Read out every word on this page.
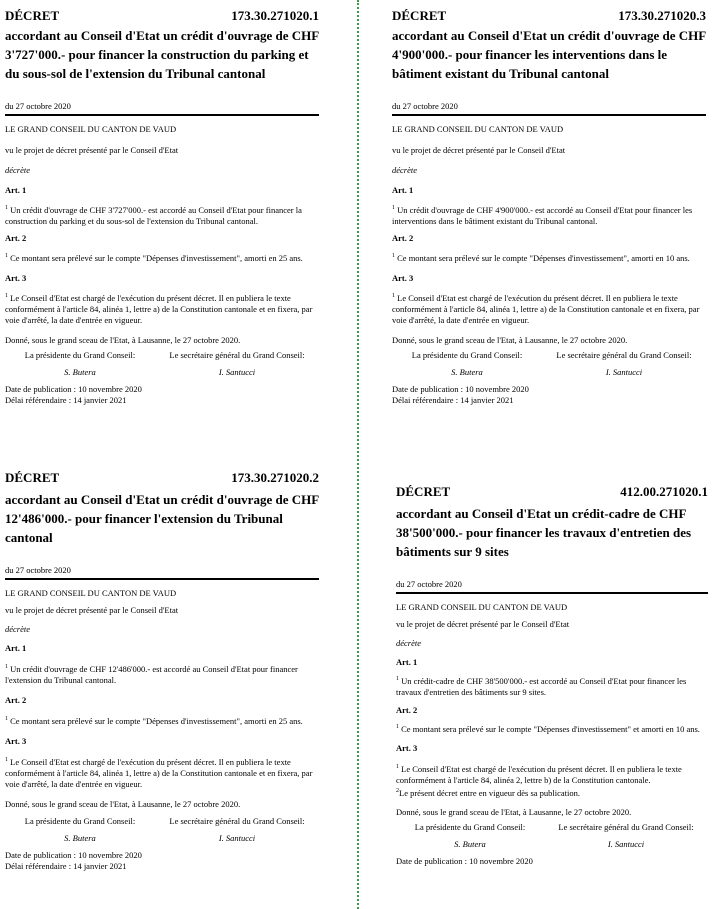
DÉCRET	173.30.271020.1
accordant au Conseil d'Etat un crédit d'ouvrage de CHF 3'727'000.- pour financer la construction du parking et du sous-sol de l'extension du Tribunal cantonal
du 27 octobre 2020
LE GRAND CONSEIL DU CANTON DE VAUD
vu le projet de décret présenté par le Conseil d'Etat
décrète
Art. 1
$^1$ Un crédit d'ouvrage de CHF 3'727'000.- est accordé au Conseil d'Etat pour financer la construction du parking et du sous-sol de l'extension du Tribunal cantonal.
Art. 2
$^1$ Ce montant sera prélevé sur le compte "Dépenses d'investissement", amorti en 25 ans.
Art. 3
$^1$ Le Conseil d'Etat est chargé de l'exécution du présent décret. Il en publiera le texte conformément à l'article 84, alinéa 1, lettre a) de la Constitution cantonale et en fixera, par voie d'arrêté, la date d'entrée en vigueur.
Donné, sous le grand sceau de l'Etat, à Lausanne, le 27 octobre 2020.
La présidente du Grand Conseil:	Le secrétaire général du Grand Conseil:
S. Butera	I. Santucci
Date de publication : 10 novembre 2020
Délai référendaire : 14 janvier 2021
DÉCRET	173.30.271020.3
accordant au Conseil d'Etat un crédit d'ouvrage de CHF 4'900'000.- pour financer les interventions dans le bâtiment existant du Tribunal cantonal
du 27 octobre 2020
LE GRAND CONSEIL DU CANTON DE VAUD
vu le projet de décret présenté par le Conseil d'Etat
décrète
Art. 1
$^1$ Un crédit d'ouvrage de CHF 4'900'000.- est accordé au Conseil d'Etat pour financer les interventions dans le bâtiment existant du Tribunal cantonal.
Art. 2
$^1$ Ce montant sera prélevé sur le compte "Dépenses d'investissement", amorti en 10 ans.
Art. 3
$^1$ Le Conseil d'Etat est chargé de l'exécution du présent décret. Il en publiera le texte conformément à l'article 84, alinéa 1, lettre a) de la Constitution cantonale et en fixera, par voie d'arrêté, la date d'entrée en vigueur.
Donné, sous le grand sceau de l'Etat, à Lausanne, le 27 octobre 2020.
La présidente du Grand Conseil:	Le secrétaire général du Grand Conseil:
S. Butera	I. Santucci
Date de publication : 10 novembre 2020
Délai référendaire : 14 janvier 2021
DÉCRET	173.30.271020.2
accordant au Conseil d'Etat un crédit d'ouvrage de CHF 12'486'000.- pour financer l'extension du Tribunal cantonal
du 27 octobre 2020
LE GRAND CONSEIL DU CANTON DE VAUD
vu le projet de décret présenté par le Conseil d'Etat
décrète
Art. 1
$^1$ Un crédit d'ouvrage de CHF 12'486'000.- est accordé au Conseil d'Etat pour financer l'extension du Tribunal cantonal.
Art. 2
$^1$ Ce montant sera prélevé sur le compte "Dépenses d'investissement", amorti en 25 ans.
Art. 3
$^1$ Le Conseil d'Etat est chargé de l'exécution du présent décret. Il en publiera le texte conformément à l'article 84, alinéa 1, lettre a) de la Constitution cantonale et en fixera, par voie d'arrêté, la date d'entrée en vigueur.
Donné, sous le grand sceau de l'Etat, à Lausanne, le 27 octobre 2020.
La présidente du Grand Conseil:	Le secrétaire général du Grand Conseil:
S. Butera	I. Santucci
Date de publication : 10 novembre 2020
Délai référendaire : 14 janvier 2021
DÉCRET	412.00.271020.1
accordant au Conseil d'Etat un crédit-cadre de CHF 38'500'000.- pour financer les travaux d'entretien des bâtiments sur 9 sites
du 27 octobre 2020
LE GRAND CONSEIL DU CANTON DE VAUD
vu le projet de décret présenté par le Conseil d'Etat
décrète
Art. 1
$^1$ Un crédit-cadre de CHF 38'500'000.- est accordé au Conseil d'Etat pour financer les travaux d'entretien des bâtiments sur 9 sites.
Art. 2
$^1$ Ce montant sera prélevé sur le compte "Dépenses d'investissement" et amorti en 10 ans.
Art. 3
$^1$ Le Conseil d'Etat est chargé de l'exécution du présent décret. Il en publiera le texte conformément à l'article 84, alinéa 2, lettre b) de la Constitution cantonale.
$^2$Le présent décret entre en vigueur dès sa publication.
Donné, sous le grand sceau de l'Etat, à Lausanne, le 27 octobre 2020.
La présidente du Grand Conseil:	Le secrétaire général du Grand Conseil:
S. Butera	I. Santucci
Date de publication : 10 novembre 2020
